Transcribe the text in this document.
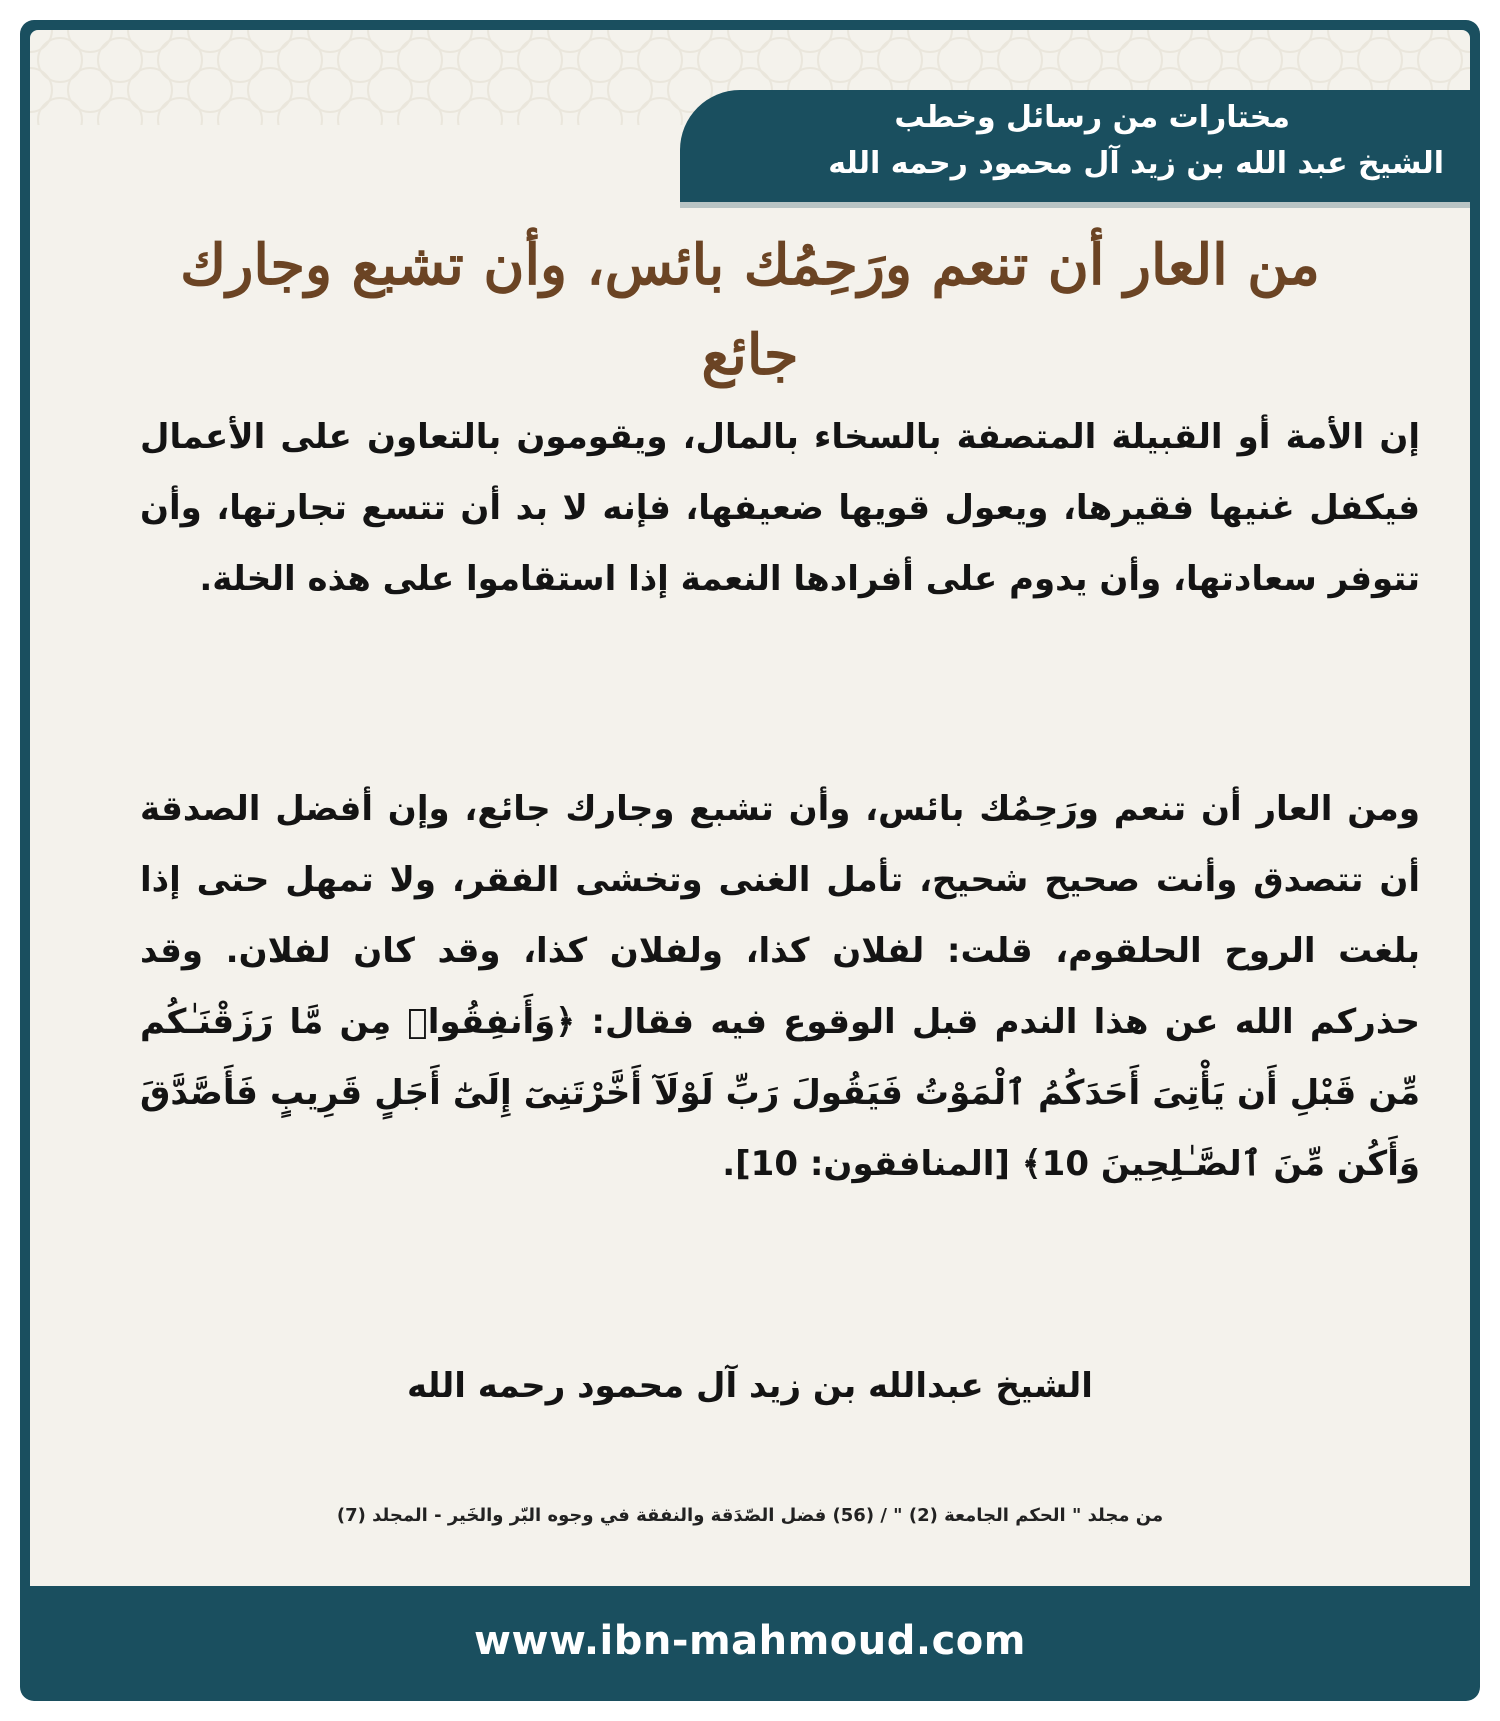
مختارات من رسائل وخطب
الشيخ عبد الله بن زيد آل محمود رحمه الله
من العار أن تنعم ورَحِمُك بائس، وأن تشبع وجارك جائع

إن الأمة أو القبيلة المتصفة بالسخاء بالمال، ويقومون بالتعاون على الأعمال فيكفل غنيها فقيرها، ويعول قويها ضعيفها، فإنه لا بد أن تتسع تجارتها، وأن تتوفر سعادتها، وأن يدوم على أفرادها النعمة إذا استقاموا على هذه الخلة.

ومن العار أن تنعم ورَحِمُك بائس، وأن تشبع وجارك جائع، وإن أفضل الصدقة أن تتصدق وأنت صحيح شحيح، تأمل الغنى وتخشى الفقر، ولا تمهل حتى إذا بلغت الروح الحلقوم، قلت: لفلان كذا، ولفلان كذا، وقد كان لفلان. وقد حذركم الله عن هذا الندم قبل الوقوع فيه فقال: ﴿وَأَنفِقُوا۟ مِن مَّا رَزَقْنَـٰكُم مِّن قَبْلِ أَن يَأْتِىَ أَحَدَكُمُ ٱلْمَوْتُ فَيَقُولَ رَبِّ لَوْلَآ أَخَّرْتَنِىٓ إِلَىٰٓ أَجَلٍ قَرِيبٍ فَأَصَّدَّقَ وَأَكُن مِّنَ ٱلصَّـٰلِحِينَ 10﴾ [المنافقون: 10].

الشيخ عبدالله بن زيد آل محمود رحمه الله
من مجلد " الحكم الجامعة (2) " / (56) فضل الصّدَقة والنفقة في وجوه البّر والخَير - المجلد (7)
www.ibn-mahmoud.com
